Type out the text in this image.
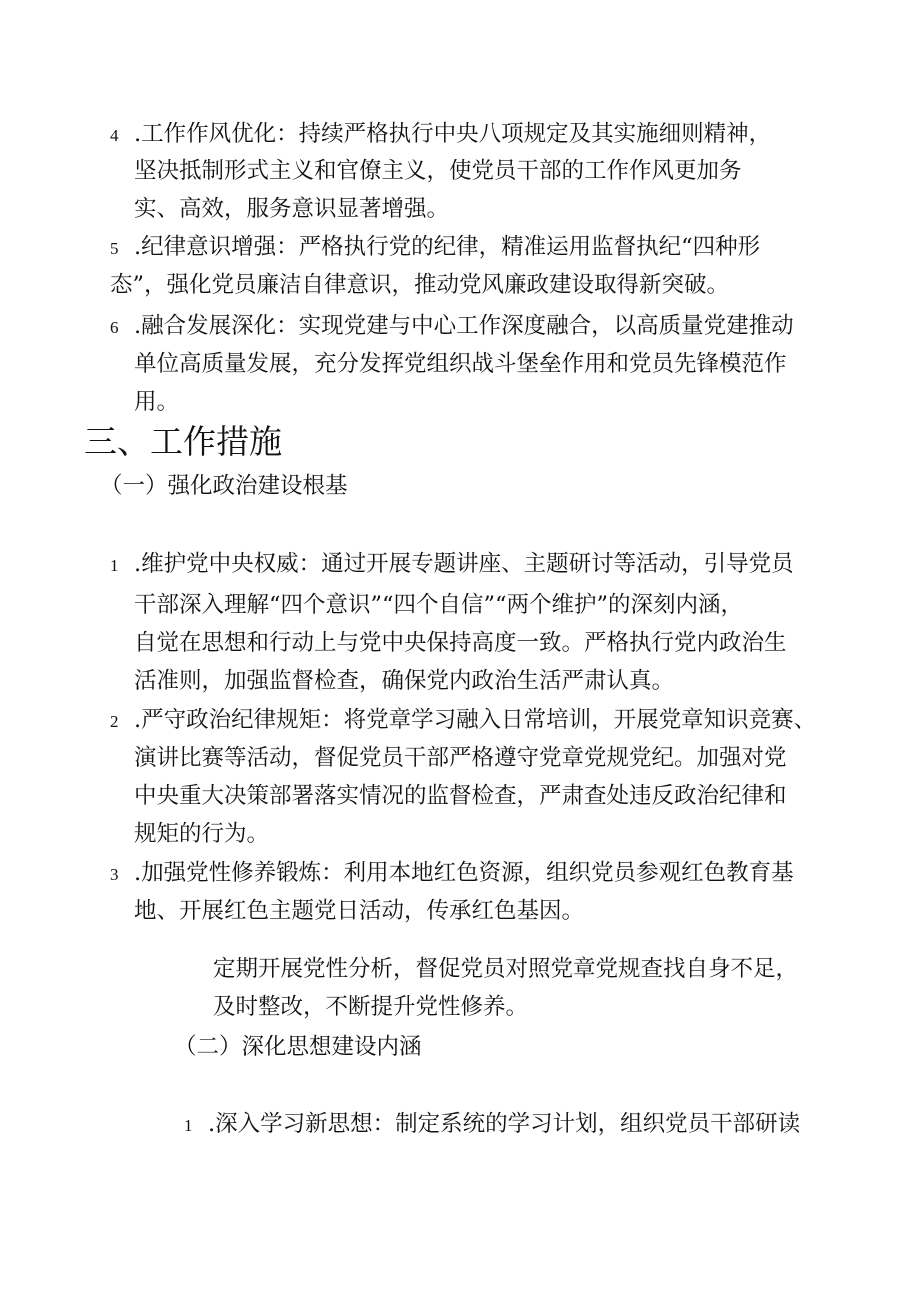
4 .工作作风优化：持续严格执行中央八项规定及其实施细则精神，
坚决抵制形式主义和官僚主义，使党员干部的工作作风更加务
实、高效，服务意识显著增强。
5 .纪律意识增强：严格执行党的纪律，精准运用监督执纪“四种形
态”，强化党员廉洁自律意识，推动党风廉政建设取得新突破。
6 .融合发展深化：实现党建与中心工作深度融合，以高质量党建推动
单位高质量发展，充分发挥党组织战斗堡垒作用和党员先锋模范作
用。
三、工作措施
（一）强化政治建设根基
1 .维护党中央权威：通过开展专题讲座、主题研讨等活动，引导党员
干部深入理解“四个意识”“四个自信”“两个维护”的深刻内涵，
自觉在思想和行动上与党中央保持高度一致。严格执行党内政治生
活准则，加强监督检查，确保党内政治生活严肃认真。
2 .严守政治纪律规矩：将党章学习融入日常培训，开展党章知识竞赛、
演讲比赛等活动，督促党员干部严格遵守党章党规党纪。加强对党
中央重大决策部署落实情况的监督检查，严肃查处违反政治纪律和
规矩的行为。
3 .加强党性修养锻炼：利用本地红色资源，组织党员参观红色教育基
地、开展红色主题党日活动，传承红色基因。
定期开展党性分析，督促党员对照党章党规查找自身不足，
及时整改，不断提升党性修养。
（二）深化思想建设内涵
1 .深入学习新思想：制定系统的学习计划，组织党员干部研读
